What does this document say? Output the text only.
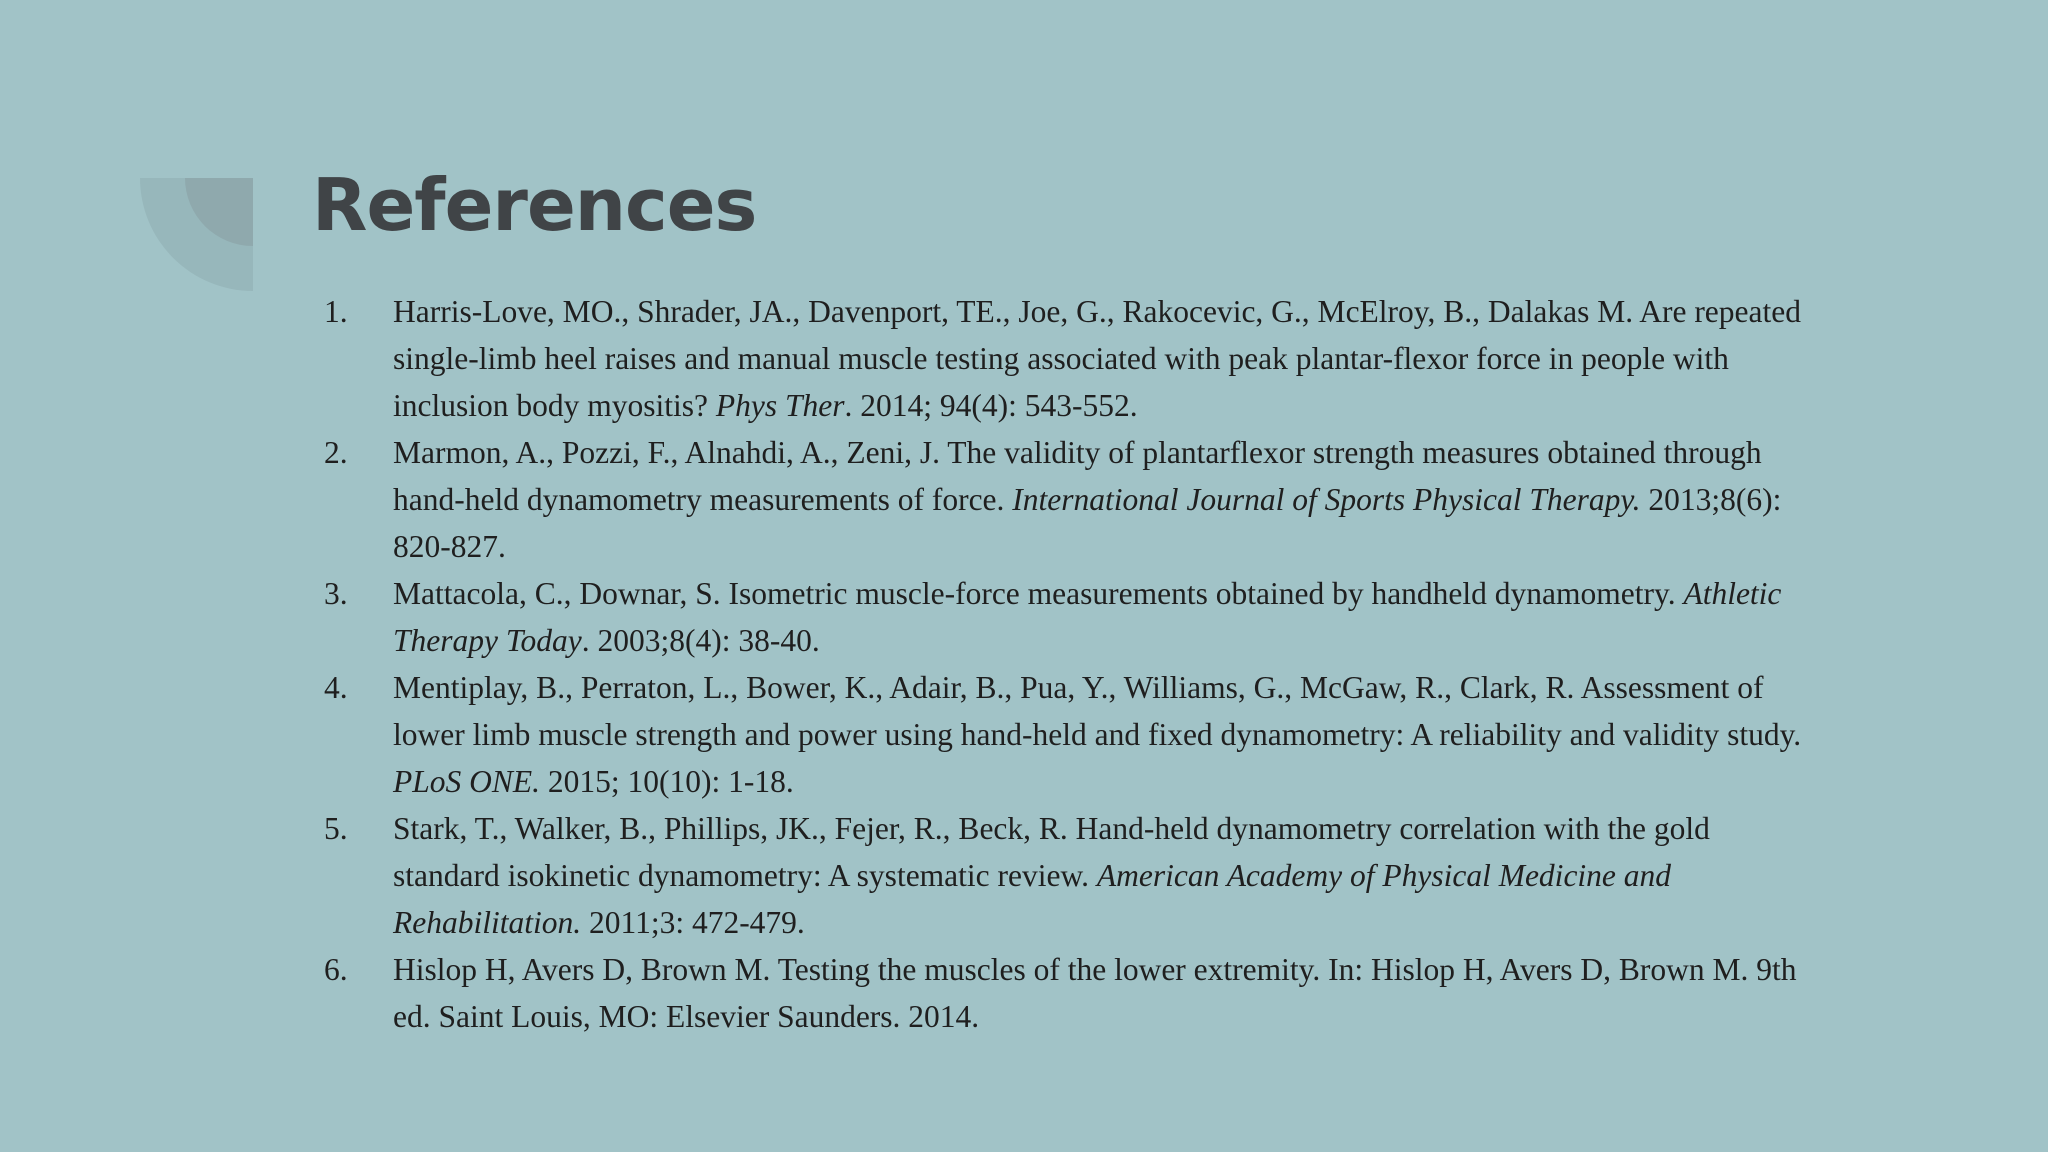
References
1. Harris-Love, MO., Shrader, JA., Davenport, TE., Joe, G., Rakocevic, G., McElroy, B., Dalakas M. Are repeated single-limb heel raises and manual muscle testing associated with peak plantar-flexor force in people with inclusion body myositis? Phys Ther. 2014; 94(4): 543-552.
2. Marmon, A., Pozzi, F., Alnahdi, A., Zeni, J. The validity of plantarflexor strength measures obtained through hand-held dynamometry measurements of force. International Journal of Sports Physical Therapy. 2013;8(6): 820-827.
3. Mattacola, C., Downar, S. Isometric muscle-force measurements obtained by handheld dynamometry. Athletic Therapy Today. 2003;8(4): 38-40.
4. Mentiplay, B., Perraton, L., Bower, K., Adair, B., Pua, Y., Williams, G., McGaw, R., Clark, R. Assessment of lower limb muscle strength and power using hand-held and fixed dynamometry: A reliability and validity study. PLoS ONE. 2015; 10(10): 1-18.
5. Stark, T., Walker, B., Phillips, JK., Fejer, R., Beck, R. Hand-held dynamometry correlation with the gold standard isokinetic dynamometry: A systematic review. American Academy of Physical Medicine and Rehabilitation. 2011;3: 472-479.
6. Hislop H, Avers D, Brown M. Testing the muscles of the lower extremity. In: Hislop H, Avers D, Brown M. 9th ed. Saint Louis, MO: Elsevier Saunders. 2014.
